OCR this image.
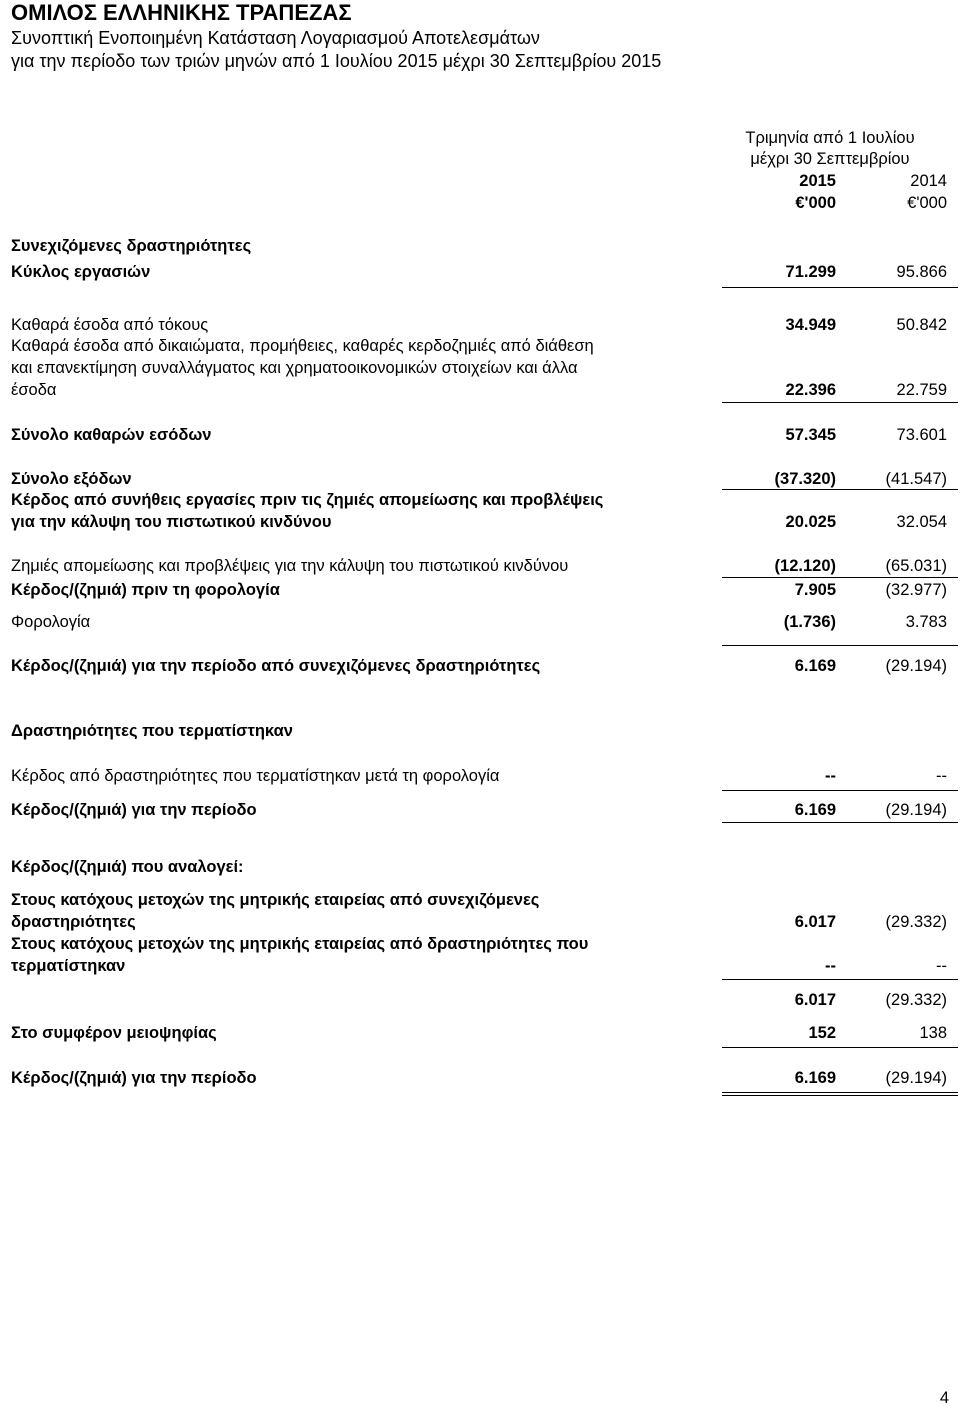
ΟΜΙΛΟΣ ΕΛΛΗΝΙΚΗΣ ΤΡΑΠΕΖΑΣ
Συνοπτική Ενοποιημένη Κατάσταση Λογαριασμού Αποτελεσμάτων
για την περίοδο των τριών μηνών από 1 Ιουλίου 2015 μέχρι 30 Σεπτεμβρίου 2015
Τριμηνία από 1 Ιουλίου
μέχρι 30 Σεπτεμβρίου
2015	2014
€'000	€'000
Συνεχιζόμενες δραστηριότητες
Κύκλος εργασιών	71.299	95.866
Καθαρά έσοδα από τόκους	34.949	50.842
Καθαρά έσοδα από δικαιώματα, προμήθειες, καθαρές κερδοζημιές από διάθεση
και επανεκτίμηση συναλλάγματος και χρηματοοικονομικών στοιχείων και άλλα
έσοδα	22.396	22.759
Σύνολο καθαρών εσόδων	57.345	73.601
Σύνολο εξόδων	(37.320)	(41.547)
Κέρδος από συνήθεις εργασίες πριν τις ζημιές απομείωσης και προβλέψεις
για την κάλυψη του πιστωτικού κινδύνου	20.025	32.054
Ζημιές απομείωσης και προβλέψεις για την κάλυψη του πιστωτικού κινδύνου	(12.120)	(65.031)
Κέρδος/(ζημιά) πριν τη φορολογία	7.905	(32.977)
Φορολογία	(1.736)	3.783
Κέρδος/(ζημιά) για την περίοδο από συνεχιζόμενες δραστηριότητες	6.169	(29.194)
Δραστηριότητες που τερματίστηκαν
Κέρδος από δραστηριότητες που τερματίστηκαν μετά τη φορολογία	--	--
Κέρδος/(ζημιά) για την περίοδο	6.169	(29.194)
Κέρδος/(ζημιά) που αναλογεί:
Στους κατόχους μετοχών της μητρικής εταιρείας από συνεχιζόμενες
δραστηριότητες	6.017	(29.332)
Στους κατόχους μετοχών της μητρικής εταιρείας από δραστηριότητες που
τερματίστηκαν	--	--
6.017	(29.332)
Στο συμφέρον μειοψηφίας	152	138
Κέρδος/(ζημιά) για την περίοδο	6.169	(29.194)
4
